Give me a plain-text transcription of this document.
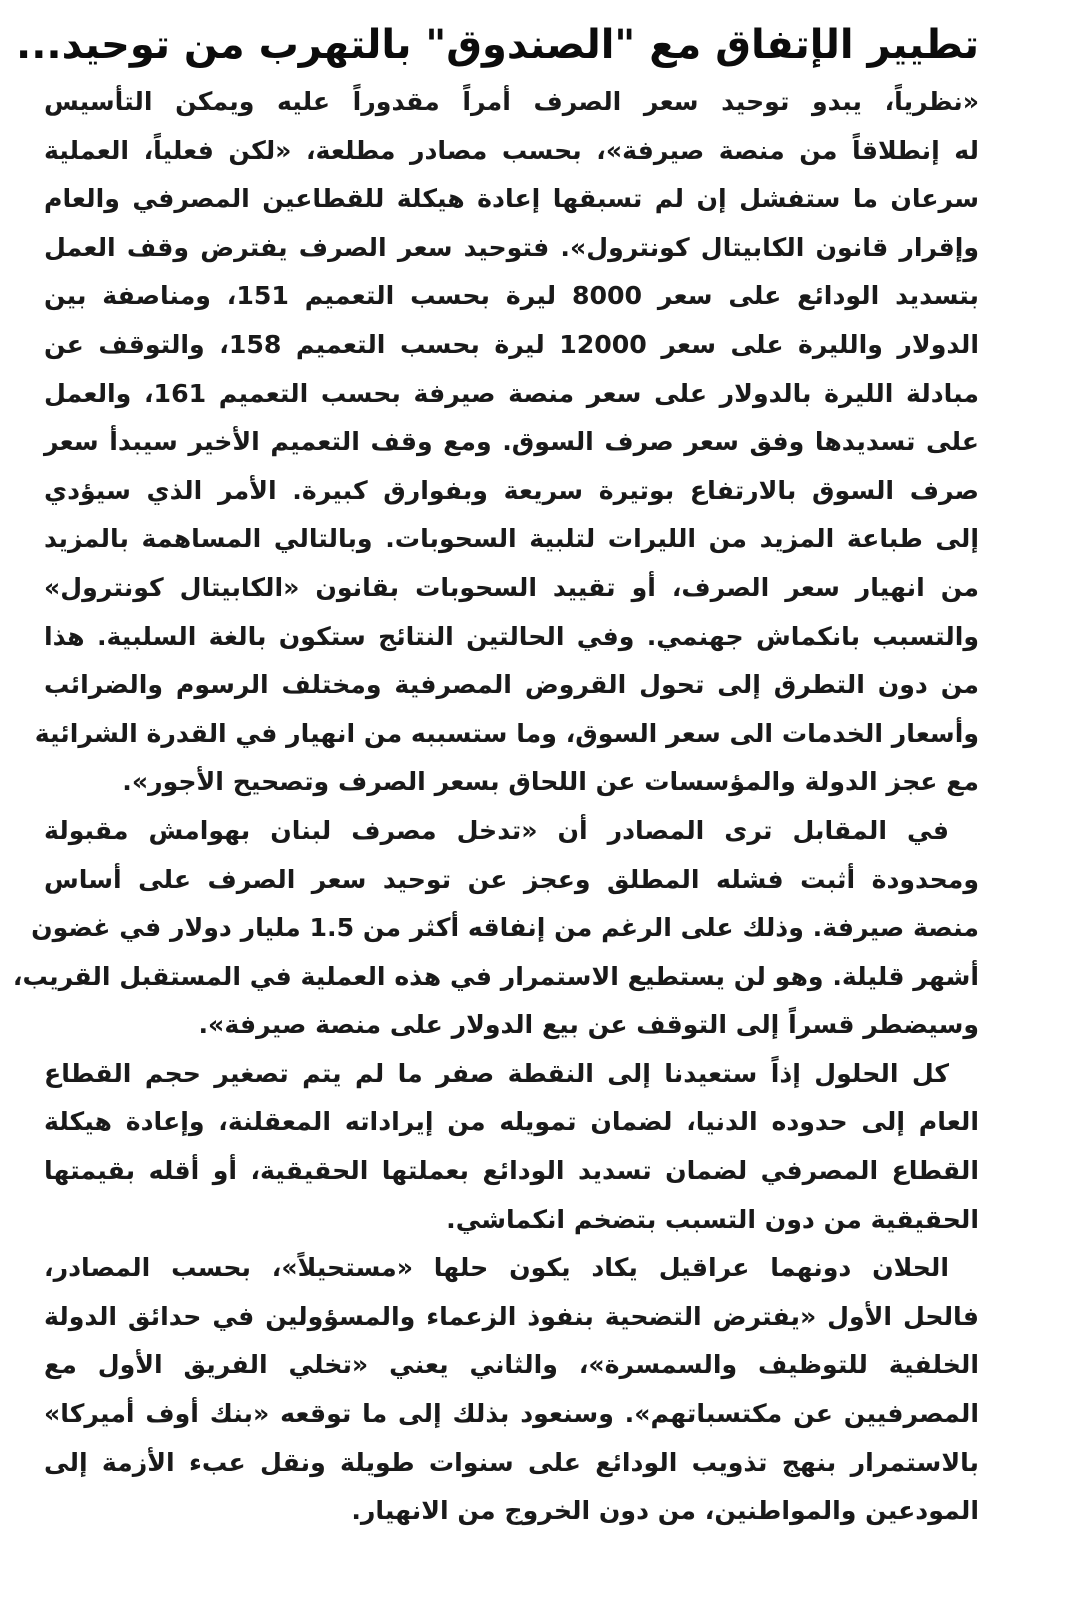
تطيير الإتفاق مع "الصندوق" بالتهرب من توحيد...

«نظرياً، يبدو توحيد سعر الصرف أمراً مقدوراً عليه ويمكن التأسيس
له إنطلاقاً من منصة صيرفة»، بحسب مصادر مطلعة، «لكن فعلياً، العملية
سرعان ما ستفشل إن لم تسبقها إعادة هيكلة للقطاعين المصرفي والعام
وإقرار قانون الكابيتال كونترول». فتوحيد سعر الصرف يفترض وقف العمل
بتسديد الودائع على سعر 8000 ليرة بحسب التعميم 151، ومناصفة بين
الدولار والليرة على سعر 12000 ليرة بحسب التعميم 158، والتوقف عن
مبادلة الليرة بالدولار على سعر منصة صيرفة بحسب التعميم 161، والعمل
على تسديدها وفق سعر صرف السوق. ومع وقف التعميم الأخير سيبدأ سعر
صرف السوق بالارتفاع بوتيرة سريعة وبفوارق كبيرة. الأمر الذي سيؤدي
إلى طباعة المزيد من الليرات لتلبية السحوبات. وبالتالي المساهمة بالمزيد
من انهيار سعر الصرف، أو تقييد السحوبات بقانون «الكابيتال كونترول»
والتسبب بانكماش جهنمي. وفي الحالتين النتائج ستكون بالغة السلبية. هذا
من دون التطرق إلى تحول القروض المصرفية ومختلف الرسوم والضرائب
وأسعار الخدمات الى سعر السوق، وما ستسببه من انهيار في القدرة الشرائية
مع عجز الدولة والمؤسسات عن اللحاق بسعر الصرف وتصحيح الأجور».

في المقابل ترى المصادر أن «تدخل مصرف لبنان بهوامش مقبولة
ومحدودة أثبت فشله المطلق وعجز عن توحيد سعر الصرف على أساس
منصة صيرفة. وذلك على الرغم من إنفاقه أكثر من 1.5 مليار دولار في غضون
أشهر قليلة. وهو لن يستطيع الاستمرار في هذه العملية في المستقبل القريب،
وسيضطر قسراً إلى التوقف عن بيع الدولار على منصة صيرفة».

كل الحلول إذاً ستعيدنا إلى النقطة صفر ما لم يتم تصغير حجم القطاع
العام إلى حدوده الدنيا، لضمان تمويله من إيراداته المعقلنة، وإعادة هيكلة
القطاع المصرفي لضمان تسديد الودائع بعملتها الحقيقية، أو أقله بقيمتها
الحقيقية من دون التسبب بتضخم انكماشي.

الحلان دونهما عراقيل يكاد يكون حلها «مستحيلاً»، بحسب المصادر،
فالحل الأول «يفترض التضحية بنفوذ الزعماء والمسؤولين في حدائق الدولة
الخلفية للتوظيف والسمسرة»، والثاني يعني «تخلي الفريق الأول مع
المصرفيين عن مكتسباتهم». وسنعود بذلك إلى ما توقعه «بنك أوف أميركا»
بالاستمرار بنهج تذويب الودائع على سنوات طويلة ونقل عبء الأزمة إلى
المودعين والمواطنين، من دون الخروج من الانهيار.
